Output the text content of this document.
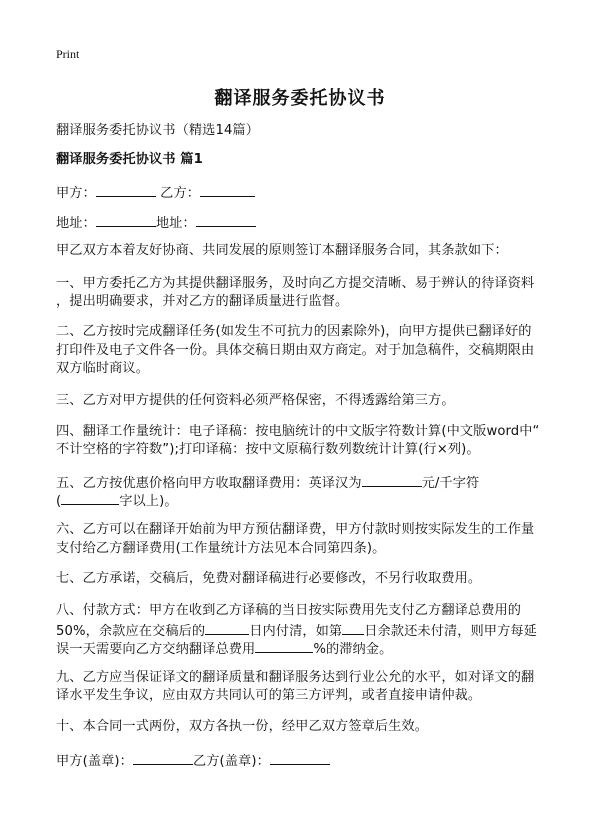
Print
翻译服务委托协议书
翻译服务委托协议书（精选14篇）
翻译服务委托协议书 篇1
甲方：	乙方：
地址：	地址：
甲乙双方本着友好协商、共同发展的原则签订本翻译服务合同，其条款如下：
一、甲方委托乙方为其提供翻译服务，及时向乙方提交清晰、易于辨认的待译资料
，提出明确要求，并对乙方的翻译质量进行监督。
二、乙方按时完成翻译任务(如发生不可抗力的因素除外)，向甲方提供已翻译好的
打印件及电子文件各一份。具体交稿日期由双方商定。对于加急稿件，交稿期限由
双方临时商议。
三、乙方对甲方提供的任何资料必须严格保密，不得透露给第三方。
四、翻译工作量统计：电子译稿：按电脑统计的中文版字符数计算(中文版word中“
不计空格的字符数”);打印译稿：按中文原稿行数列数统计计算(行×列)。
五、乙方按优惠价格向甲方收取翻译费用：英译汉为	元/千字符
(	字以上)。
六、乙方可以在翻译开始前为甲方预估翻译费，甲方付款时则按实际发生的工作量
支付给乙方翻译费用(工作量统计方法见本合同第四条)。
七、乙方承诺，交稿后，免费对翻译稿进行必要修改，不另行收取费用。
八、付款方式：甲方在收到乙方译稿的当日按实际费用先支付乙方翻译总费用的
50%，余款应在交稿后的	日内付清，如第 日余款还未付清，则甲方每延
误一天需要向乙方交纳翻译总费用	%的滞纳金。
九、乙方应当保证译文的翻译质量和翻译服务达到行业公允的水平，如对译文的翻
译水平发生争议，应由双方共同认可的第三方评判，或者直接申请仲裁。
十、本合同一式两份，双方各执一份，经甲乙双方签章后生效。
甲方(盖章)：	乙方(盖章)：
